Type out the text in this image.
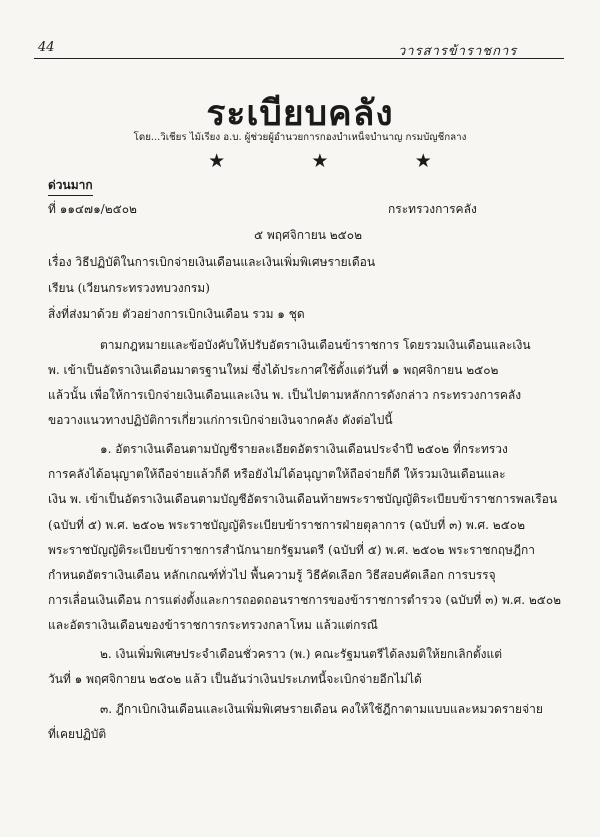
44	วารสารข้าราชการ
ระเบียบคลัง
โดย...วิเชียร ไม้เรียง อ.บ. ผู้ช่วยผู้อำนวยการกองบำเหน็จบำนาญ กรมบัญชีกลาง
★ ★ ★
ด่วนมาก
ที่ ๑๑๔๗๑/๒๕๐๒	กระทรวงการคลัง
๕ พฤศจิกายน ๒๕๐๒
เรื่อง วิธีปฏิบัติในการเบิกจ่ายเงินเดือนและเงินเพิ่มพิเศษรายเดือน
เรียน (เวียนกระทรวงทบวงกรม)
สิ่งที่ส่งมาด้วย ตัวอย่างการเบิกเงินเดือน รวม ๑ ชุด
ตามกฎหมายและข้อบังคับให้ปรับอัตราเงินเดือนข้าราชการ โดยรวมเงินเดือนและเงิน
พ. เข้าเป็นอัตราเงินเดือนมาตรฐานใหม่ ซึ่งได้ประกาศใช้ตั้งแต่วันที่ ๑ พฤศจิกายน ๒๕๐๒
แล้วนั้น เพื่อให้การเบิกจ่ายเงินเดือนและเงิน พ. เป็นไปตามหลักการดังกล่าว กระทรวงการคลัง
ขอวางแนวทางปฏิบัติการเกี่ยวแก่การเบิกจ่ายเงินจากคลัง ดังต่อไปนี้
๑. อัตราเงินเดือนตามบัญชีรายละเอียดอัตราเงินเดือนประจำปี ๒๕๐๒ ที่กระทรวง
การคลังได้อนุญาตให้ถือจ่ายแล้วก็ดี หรือยังไม่ได้อนุญาตให้ถือจ่ายก็ดี ให้รวมเงินเดือนและ
เงิน พ. เข้าเป็นอัตราเงินเดือนตามบัญชีอัตราเงินเดือนท้ายพระราชบัญญัติระเบียบข้าราชการพลเรือน
(ฉบับที่ ๕) พ.ศ. ๒๕๐๒ พระราชบัญญัติระเบียบข้าราชการฝ่ายตุลาการ (ฉบับที่ ๓) พ.ศ. ๒๕๐๒
พระราชบัญญัติระเบียบข้าราชการสำนักนายกรัฐมนตรี (ฉบับที่ ๕) พ.ศ. ๒๕๐๒ พระราชกฤษฎีกา
กำหนดอัตราเงินเดือน หลักเกณฑ์ทั่วไป พื้นความรู้ วิธีคัดเลือก วิธีสอบคัดเลือก การบรรจุ
การเลื่อนเงินเดือน การแต่งตั้งและการถอดถอนราชการของข้าราชการตำรวจ (ฉบับที่ ๓) พ.ศ. ๒๕๐๒
และอัตราเงินเดือนของข้าราชการกระทรวงกลาโหม แล้วแต่กรณี
๒. เงินเพิ่มพิเศษประจำเดือนชั่วคราว (พ.) คณะรัฐมนตรีได้ลงมติให้ยกเลิกตั้งแต่
วันที่ ๑ พฤศจิกายน ๒๕๐๒ แล้ว เป็นอันว่าเงินประเภทนี้จะเบิกจ่ายอีกไม่ได้
๓. ฎีกาเบิกเงินเดือนและเงินเพิ่มพิเศษรายเดือน คงให้ใช้ฎีกาตามแบบและหมวดรายจ่าย
ที่เคยปฏิบัติ
